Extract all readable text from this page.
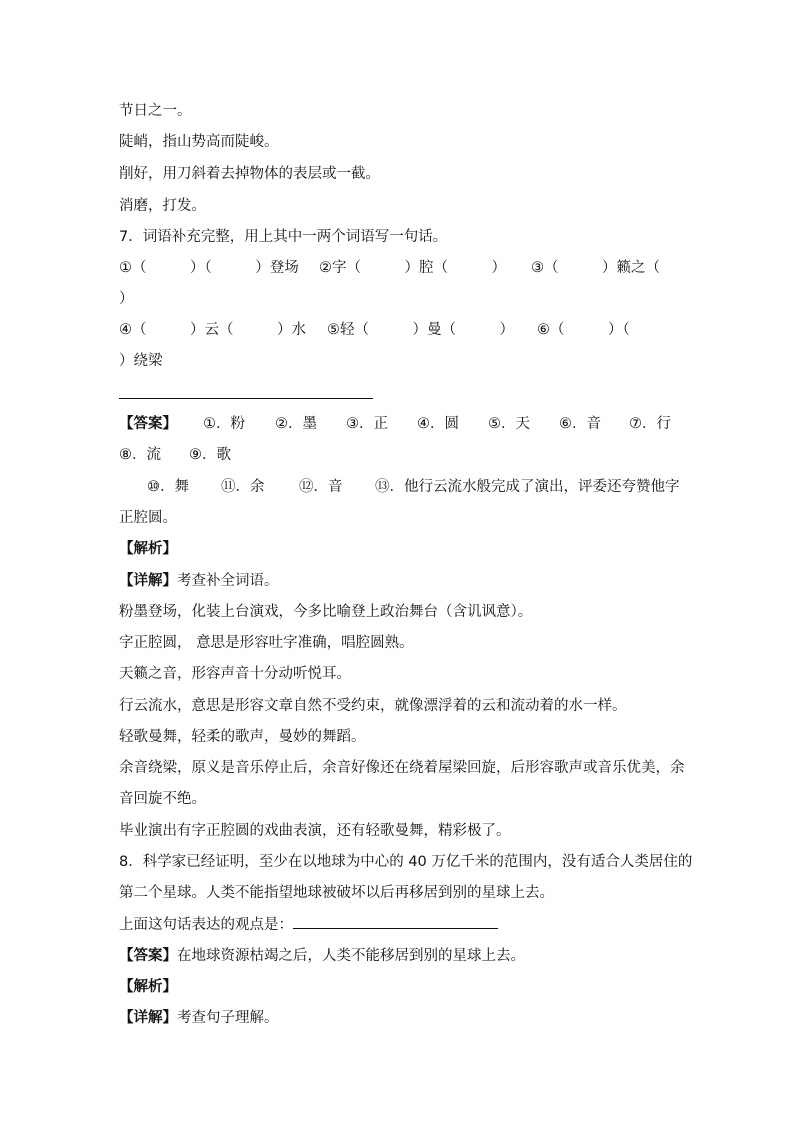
节日之一。
陡峭，指山势高而陡峻。
削好，用刀斜着去掉物体的表层或一截。
消磨，打发。
7．词语补充完整，用上其中一两个词语写一句话。
①（　　　）（　　　）登场 ②字（　　　）腔（　　　） ③（　　　）籁之（
）
④（　　　）云（　　　）水 ⑤轻（　　　）曼（　　　） ⑥（　　　）（
）绕梁
【答案】 ①．粉 ②．墨 ③．正 ④．圆 ⑤．天 ⑥．音 ⑦．行
⑧．流 ⑨．歌
⑩．舞 ⑪．余 ⑫．音 ⑬．他行云流水般完成了演出，评委还夸赞他字
正腔圆。
【解析】
【详解】考查补全词语。
粉墨登场，化装上台演戏，今多比喻登上政治舞台（含讥讽意）。
字正腔圆， 意思是形容吐字准确，唱腔圆熟。
天籁之音，形容声音十分动听悦耳。
行云流水，意思是形容文章自然不受约束，就像漂浮着的云和流动着的水一样。
轻歌曼舞，轻柔的歌声，曼妙的舞蹈。
余音绕梁，原义是音乐停止后，余音好像还在绕着屋梁回旋，后形容歌声或音乐优美，余
音回旋不绝。
毕业演出有字正腔圆的戏曲表演，还有轻歌曼舞，精彩极了。
8．科学家已经证明，至少在以地球为中心的 40 万亿千米的范围内，没有适合人类居住的
第二个星球。人类不能指望地球被破坏以后再移居到别的星球上去。
上面这句话表达的观点是：
【答案】在地球资源枯竭之后，人类不能移居到别的星球上去。
【解析】
【详解】考查句子理解。
